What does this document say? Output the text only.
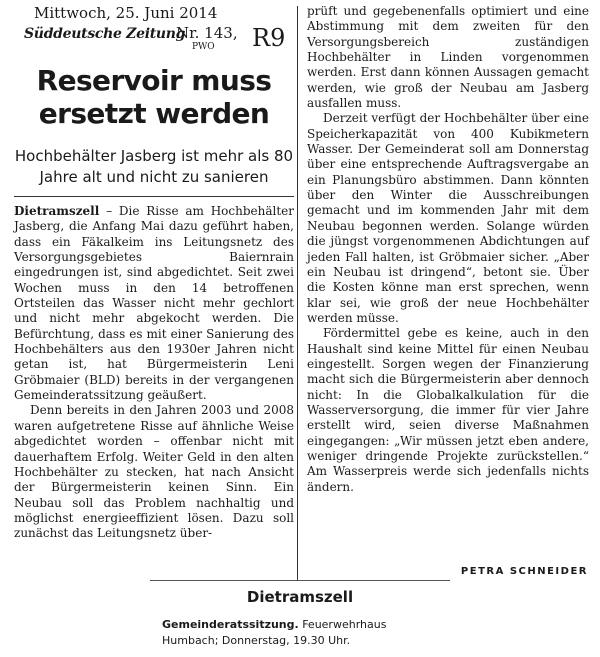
Mittwoch, 25. Juni 2014
Süddeutsche Zeitung
Nr. 143,
PWO R9
Reservoir muss ersetzt werden
Hochbehälter Jasberg ist mehr als 80 Jahre alt und nicht zu sanieren

Dietramszell – Die Risse am Hochbehälter Jasberg, die Anfang Mai dazu geführt haben, dass ein Fäkalkeim ins Leitungsnetz des Versorgungsgebietes Baiernrain eingedrungen ist, sind abgedichtet. Seit zwei Wochen muss in den 14 betroffenen Ortsteilen das Wasser nicht mehr gechlort und nicht mehr abgekocht werden. Die Befürchtung, dass es mit einer Sanierung des Hochbehälters aus den 1930er Jahren nicht getan ist, hat Bürgermeisterin Leni Gröbmaier (BLD) bereits in der vergangenen Gemeinderatssitzung geäußert.

Denn bereits in den Jahren 2003 und 2008 waren aufgetretene Risse auf ähnliche Weise abgedichtet worden – offenbar nicht mit dauerhaftem Erfolg. Weiter Geld in den alten Hochbehälter zu stecken, hat nach Ansicht der Bürgermeisterin keinen Sinn. Ein Neubau soll das Problem nachhaltig und möglichst energieeffizient lösen. Dazu soll zunächst das Leitungsnetz über-

prüft und gegebenenfalls optimiert und eine Abstimmung mit dem zweiten für den Versorgungsbereich zuständigen Hochbehälter in Linden vorgenommen werden. Erst dann können Aussagen gemacht werden, wie groß der Neubau am Jasberg ausfallen muss.

Derzeit verfügt der Hochbehälter über eine Speicherkapazität von 400 Kubikmetern Wasser. Der Gemeinderat soll am Donnerstag über eine entsprechende Auftragsvergabe an ein Planungsbüro abstimmen. Dann könnten über den Winter die Ausschreibungen gemacht und im kommenden Jahr mit dem Neubau begonnen werden. Solange würden die jüngst vorgenommenen Abdichtungen auf jeden Fall halten, ist Gröbmaier sicher. „Aber ein Neubau ist dringend“, betont sie. Über die Kosten könne man erst sprechen, wenn klar sei, wie groß der neue Hochbehälter werden müsse.

Fördermittel gebe es keine, auch in den Haushalt sind keine Mittel für einen Neubau eingestellt. Sorgen wegen der Finanzierung macht sich die Bürgermeisterin aber dennoch nicht: In die Globalkalkulation für die Wasserversorgung, die immer für vier Jahre erstellt wird, seien diverse Maßnahmen eingegangen: „Wir müssen jetzt eben andere, weniger dringende Projekte zurückstellen.“ Am Wasserpreis werde sich jedenfalls nichts ändern.

PETRA SCHNEIDER
Dietramszell
Gemeinderatssitzung. Feuerwehrhaus Humbach; Donnerstag, 19.30 Uhr.
